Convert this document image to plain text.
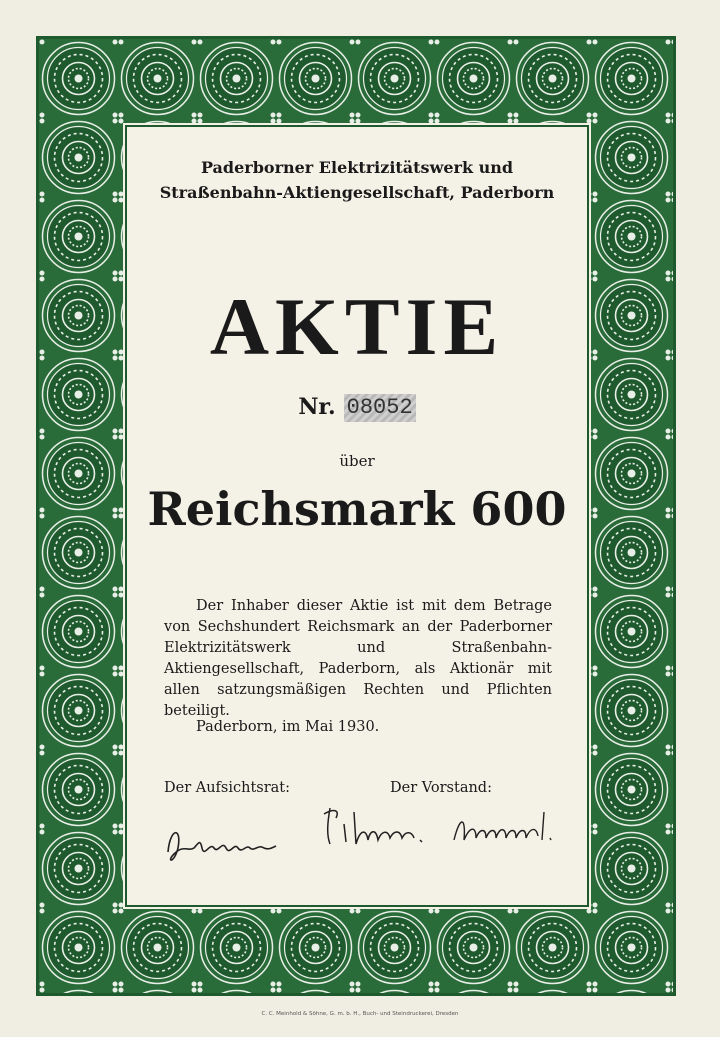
Paderborner Elektrizitätswerk und
Straßenbahn-Aktiengesellschaft, Paderborn
AKTIE
Nr. 08052
über
Reichsmark 600
Der Inhaber dieser Aktie ist mit dem Betrage von Sechshundert Reichsmark an der Paderborner Elektrizitätswerk und Straßenbahn-Aktiengesellschaft, Paderborn, als Aktionär mit allen satzungsmäßigen Rechten und Pflichten beteiligt.
Paderborn, im Mai 1930.
Der Aufsichtsrat:	Der Vorstand:
C. C. Meinhold & Söhne, G. m. b. H., Buch- und Steindruckerei, Dresden
